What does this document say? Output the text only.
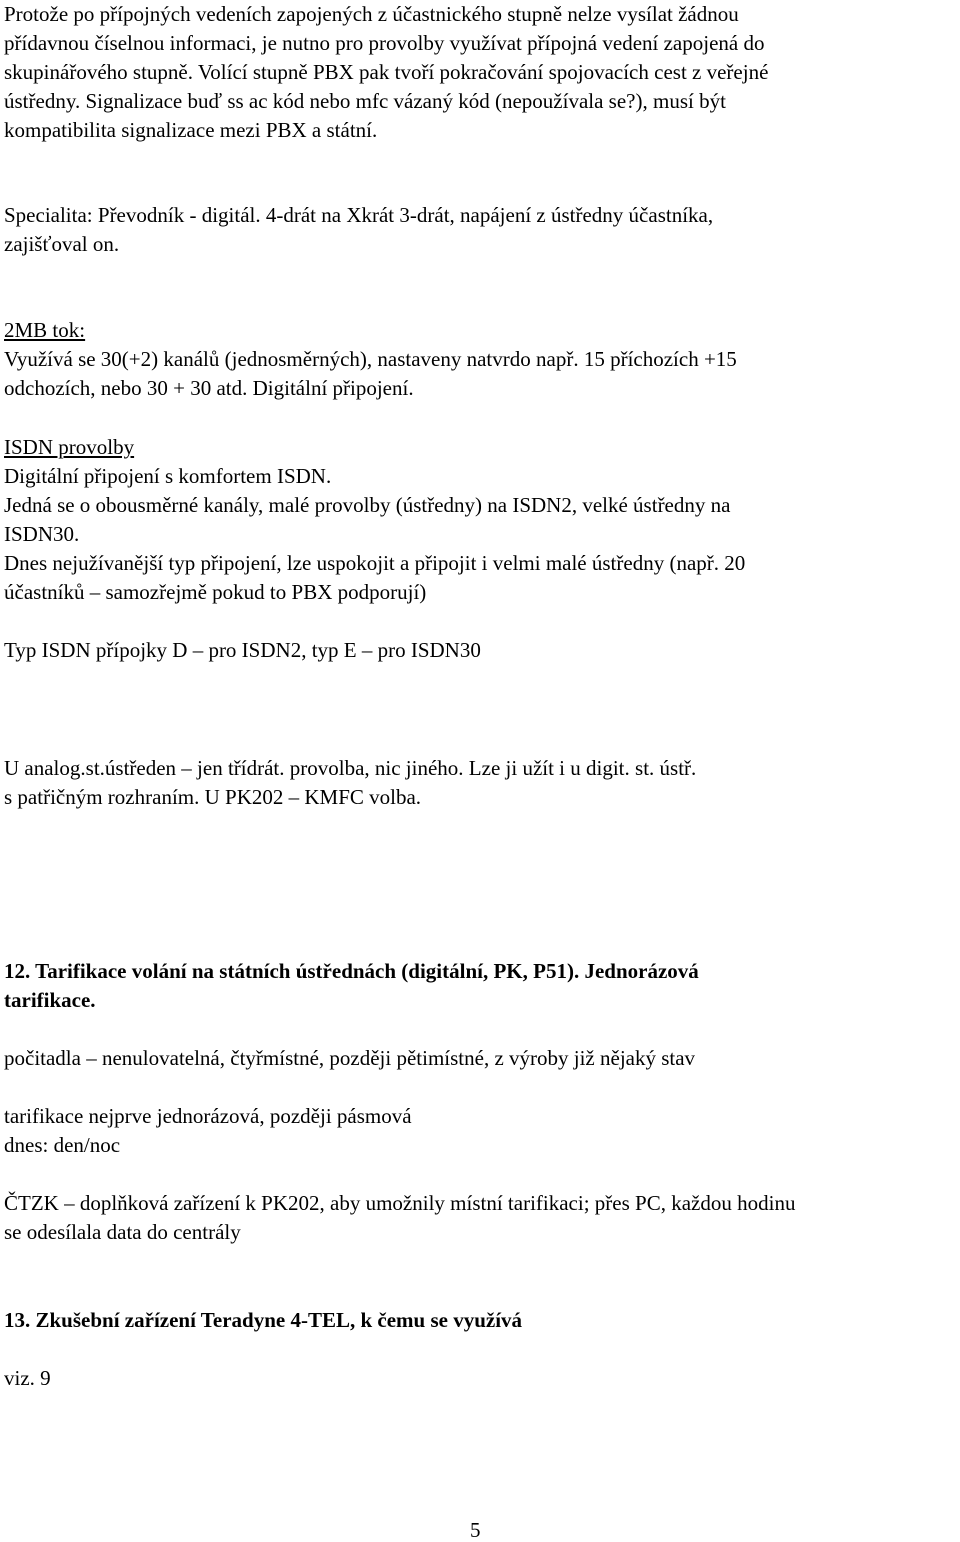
Protože po přípojných vedeních zapojených z účastnického stupně nelze vysílat žádnou
přídavnou číselnou informaci, je nutno pro provolby využívat přípojná vedení zapojená do
skupinářového stupně. Volící stupně PBX pak tvoří pokračování spojovacích cest z veřejné
ústředny. Signalizace buď ss ac kód nebo mfc vázaný kód (nepoužívala se?), musí být
kompatibilita signalizace mezi PBX a státní.
Specialita: Převodník - digitál. 4-drát na Xkrát 3-drát, napájení z ústředny účastníka,
zajišťoval on.
2MB tok:
Využívá se 30(+2) kanálů (jednosměrných), nastaveny natvrdo např. 15 příchozích +15
odchozích, nebo 30 + 30 atd. Digitální připojení.
ISDN provolby
Digitální připojení s komfortem ISDN.
Jedná se o obousměrné kanály, malé provolby (ústředny) na ISDN2, velké ústředny na
ISDN30.
Dnes nejužívanější typ připojení, lze uspokojit a připojit i velmi malé ústředny (např. 20
účastníků – samozřejmě pokud to PBX podporují)
Typ ISDN přípojky D – pro ISDN2, typ E – pro ISDN30
U analog.st.ústředen – jen třídrát. provolba, nic jiného. Lze ji užít i u digit. st. ústř.
s patřičným rozhraním. U PK202 – KMFC volba.
12. Tarifikace volání na státních ústřednách (digitální, PK, P51). Jednorázová
tarifikace.
počitadla – nenulovatelná, čtyřmístné, později pětimístné, z výroby již nějaký stav
tarifikace nejprve jednorázová, později pásmová
dnes: den/noc
ČTZK – doplňková zařízení k PK202, aby umožnily místní tarifikaci; přes PC, každou hodinu
se odesílala data do centrály
13. Zkušební zařízení Teradyne 4-TEL, k čemu se využívá
viz. 9
5
